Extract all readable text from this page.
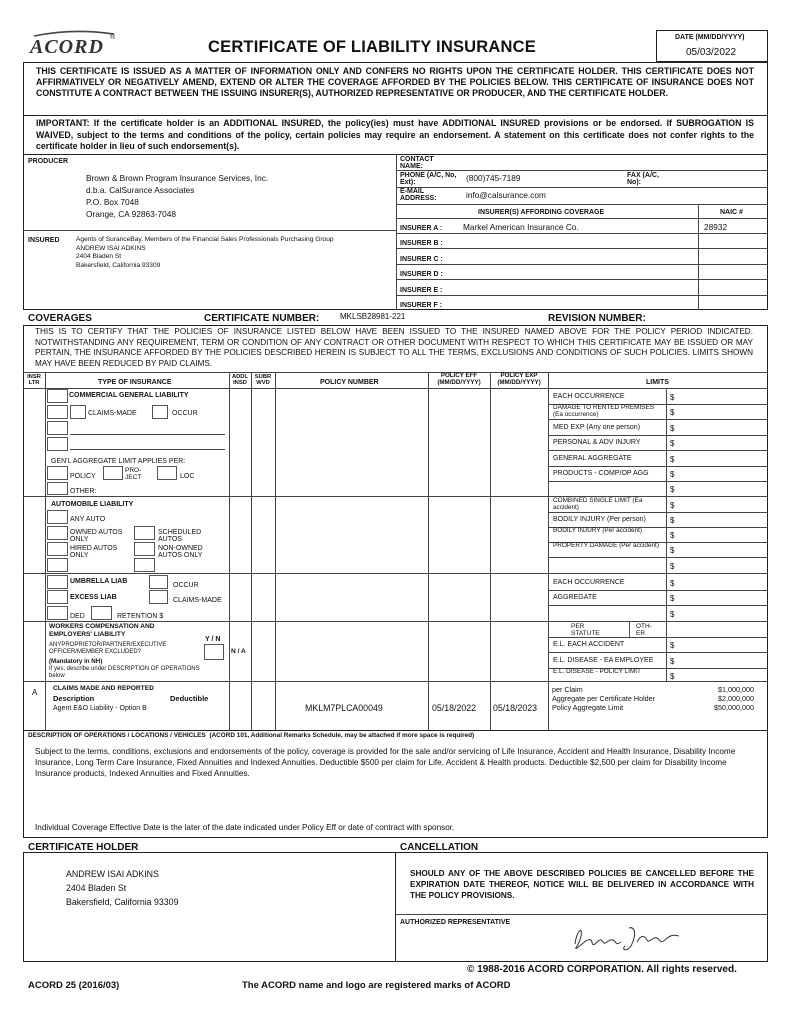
ACORD ®
CERTIFICATE OF LIABILITY INSURANCE
DATE (MM/DD/YYYY)
05/03/2022
THIS CERTIFICATE IS ISSUED AS A MATTER OF INFORMATION ONLY AND CONFERS NO RIGHTS UPON THE CERTIFICATE HOLDER. THIS CERTIFICATE DOES NOT AFFIRMATIVELY OR NEGATIVELY AMEND, EXTEND OR ALTER THE COVERAGE AFFORDED BY THE POLICIES BELOW. THIS CERTIFICATE OF INSURANCE DOES NOT CONSTITUTE A CONTRACT BETWEEN THE ISSUING INSURER(S), AUTHORIZED REPRESENTATIVE OR PRODUCER, AND THE CERTIFICATE HOLDER.
IMPORTANT: If the certificate holder is an ADDITIONAL INSURED, the policy(ies) must have ADDITIONAL INSURED provisions or be endorsed. If SUBROGATION IS WAIVED, subject to the terms and conditions of the policy, certain policies may require an endorsement. A statement on this certificate does not confer rights to the certificate holder in lieu of such endorsement(s).
PRODUCER
Brown & Brown Program Insurance Services, Inc.
d.b.a. CalSurance Associates
P.O. Box 7048
Orange, CA 92863-7048
INSURED Agents of SuranceBay, Members of the Financial Sales Professionals Purchasing Group
ANDREW ISAI ADKINS
2404 Bladen St
Bakersfield, California 93309
CONTACT NAME:
PHONE (A/C, No, Ext):	(800)745-7189	FAX (A/C, No):
E-MAIL ADDRESS:	info@calsurance.com
INSURER(S) AFFORDING COVERAGE	NAIC #
INSURER A : Markel American Insurance Co.	28932
INSURER B :
INSURER C :
INSURER D :
INSURER E :
INSURER F :
COVERAGES	CERTIFICATE NUMBER:	MKLSB28981-221	REVISION NUMBER:
THIS IS TO CERTIFY THAT THE POLICIES OF INSURANCE LISTED BELOW HAVE BEEN ISSUED TO THE INSURED NAMED ABOVE FOR THE POLICY PERIOD INDICATED. NOTWITHSTANDING ANY REQUIREMENT, TERM OR CONDITION OF ANY CONTRACT OR OTHER DOCUMENT WITH RESPECT TO WHICH THIS CERTIFICATE MAY BE ISSUED OR MAY PERTAIN, THE INSURANCE AFFORDED BY THE POLICIES DESCRIBED HEREIN IS SUBJECT TO ALL THE TERMS, EXCLUSIONS AND CONDITIONS OF SUCH POLICIES. LIMITS SHOWN MAY HAVE BEEN REDUCED BY PAID CLAIMS.
INSR LTR	TYPE OF INSURANCE
ADDL INSD
SUBR WVD	POLICY NUMBER
POLICY EFF (MM/DD/YYYY)
POLICY EXP (MM/DD/YYYY)	LIMITS
COMMERCIAL GENERAL LIABILITY
CLAIMS-MADE	OCCUR
GEN'L AGGREGATE LIMIT APPLIES PER:
POLICY
PRO- JECT	LOC
OTHER:
EACH OCCURRENCE	$
DAMAGE TO RENTED PREMISES (Ea occurrence)	$
MED EXP (Any one person)	$
PERSONAL & ADV INJURY	$
GENERAL AGGREGATE	$
PRODUCTS - COMP/OP AGG	$
$
AUTOMOBILE LIABILITY
ANY AUTO
OWNED AUTOS ONLY
SCHEDULED AUTOS
HIRED AUTOS ONLY
NON-OWNED AUTOS ONLY
COMBINED SINGLE LIMIT (Ea accident)	$
BODILY INJURY (Per person)	$
BODILY INJURY (Per accident)
$
PROPERTY DAMAGE (Per accident)
$
$
UMBRELLA LIAB
OCCUR
EXCESS LIAB	CLAIMS-MADE
DED	RETENTION $
EACH OCCURRENCE	$
AGGREGATE	$
$
WORKERS COMPENSATION AND EMPLOYERS' LIABILITY
Y / N
ANYPROPRIETOR/PARTNER/EXECUTIVE OFFICER/MEMBER EXCLUDED?	N / A
(Mandatory in NH)
If yes, describe under DESCRIPTION OF OPERATIONS below
PER STATUTE
OTH- ER
E.L. EACH ACCIDENT	$
E.L. DISEASE - EA EMPLOYEE	$
E.L. DISEASE - POLICY LIMIT
$
A CLAIMS MADE AND REPORTED
Description	Deductible
Agent E&O Liability - Option B	MKLM7PLCA00049	05/18/2022 05/18/2023
per Claim	$1,000,000
Aggregate per Certificate Holder	$2,000,000
Policy Aggregate Limit	$50,000,000
DESCRIPTION OF OPERATIONS / LOCATIONS / VEHICLES (ACORD 101, Additional Remarks Schedule, may be attached if more space is required)
Subject to the terms, conditions, exclusions and endorsements of the policy, coverage is provided for the sale and/or servicing of Life Insurance, Accident and Health Insurance, Disability Income Insurance, Long Term Care Insurance, Fixed Annuities and Indexed Annuities. Deductible $500 per claim for Life, Accident & Health products. Deductible $2,500 per claim for Disability Income Insurance products, Indexed Annuities and Fixed Annuities.
Individual Coverage Effective Date is the later of the date indicated under Policy Eff or date of contract with sponsor.
CERTIFICATE HOLDER	CANCELLATION
ANDREW ISAI ADKINS
2404 Bladen St
Bakersfield, California 93309
SHOULD ANY OF THE ABOVE DESCRIBED POLICIES BE CANCELLED BEFORE THE EXPIRATION DATE THEREOF, NOTICE WILL BE DELIVERED IN ACCORDANCE WITH THE POLICY PROVISIONS.
AUTHORIZED REPRESENTATIVE
© 1988-2016 ACORD CORPORATION. All rights reserved.
ACORD 25 (2016/03)	The ACORD name and logo are registered marks of ACORD
